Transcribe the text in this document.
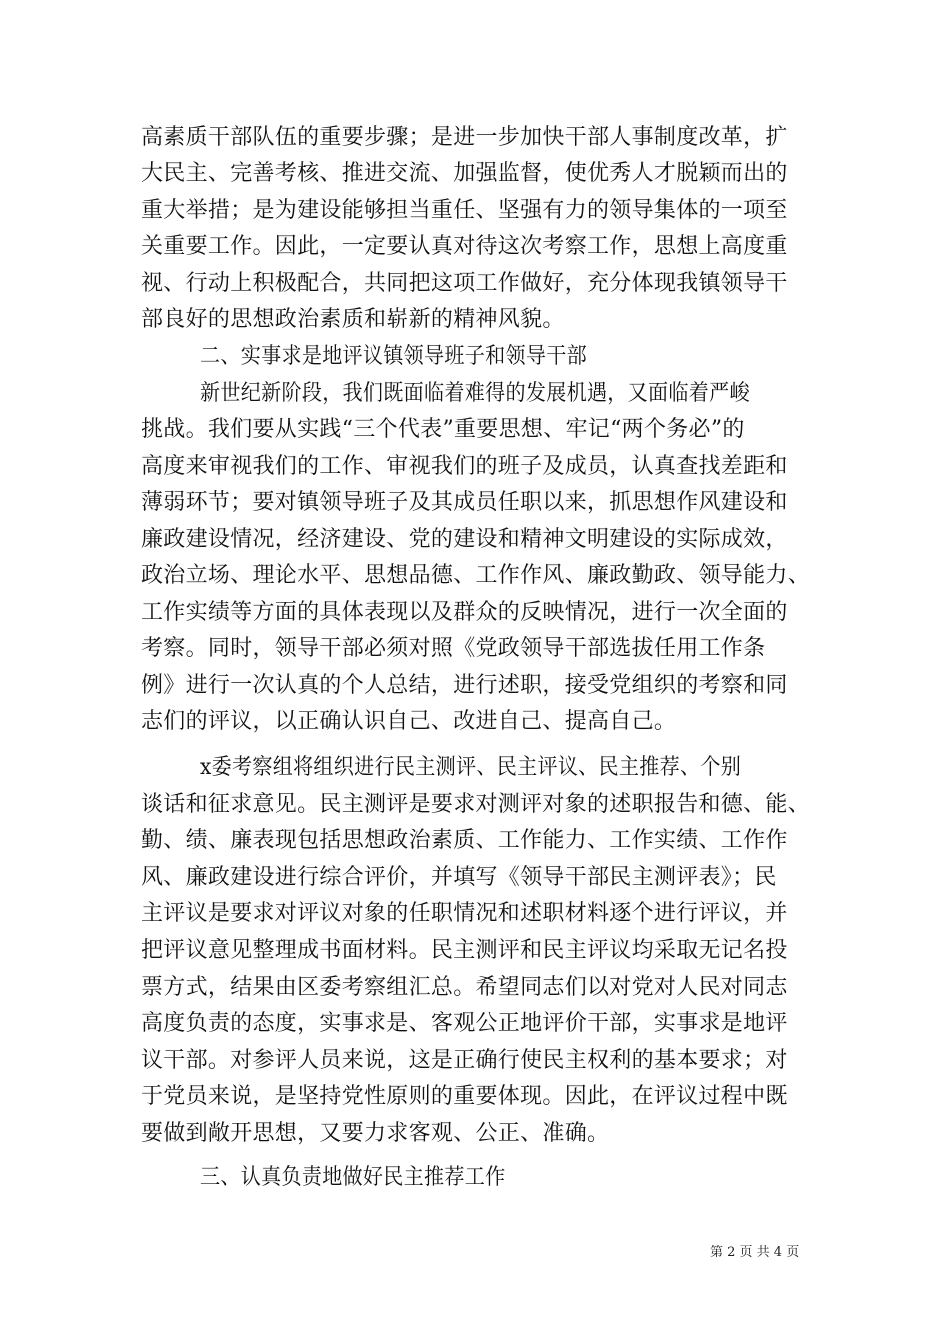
高素质干部队伍的重要步骤；是进一步加快干部人事制度改革，扩
大民主、完善考核、推进交流、加强监督，使优秀人才脱颖而出的
重大举措；是为建设能够担当重任、坚强有力的领导集体的一项至
关重要工作。因此，一定要认真对待这次考察工作，思想上高度重
视、行动上积极配合，共同把这项工作做好，充分体现我镇领导干
部良好的思想政治素质和崭新的精神风貌。
二、实事求是地评议镇领导班子和领导干部
新世纪新阶段，我们既面临着难得的发展机遇，又面临着严峻
挑战。我们要从实践“三个代表”重要思想、牢记“两个务必”的
高度来审视我们的工作、审视我们的班子及成员，认真查找差距和
薄弱环节；要对镇领导班子及其成员任职以来，抓思想作风建设和
廉政建设情况，经济建设、党的建设和精神文明建设的实际成效，
政治立场、理论水平、思想品德、工作作风、廉政勤政、领导能力、
工作实绩等方面的具体表现以及群众的反映情况，进行一次全面的
考察。同时，领导干部必须对照《党政领导干部选拔任用工作条
例》进行一次认真的个人总结，进行述职，接受党组织的考察和同
志们的评议，以正确认识自己、改进自己、提高自己。
x委考察组将组织进行民主测评、民主评议、民主推荐、个别
谈话和征求意见。民主测评是要求对测评对象的述职报告和德、能、
勤、绩、廉表现包括思想政治素质、工作能力、工作实绩、工作作
风、廉政建设进行综合评价，并填写《领导干部民主测评表》；民
主评议是要求对评议对象的任职情况和述职材料逐个进行评议，并
把评议意见整理成书面材料。民主测评和民主评议均采取无记名投
票方式，结果由区委考察组汇总。希望同志们以对党对人民对同志
高度负责的态度，实事求是、客观公正地评价干部，实事求是地评
议干部。对参评人员来说，这是正确行使民主权利的基本要求；对
于党员来说，是坚持党性原则的重要体现。因此，在评议过程中既
要做到敞开思想，又要力求客观、公正、准确。
三、认真负责地做好民主推荐工作
第 2 页 共 4 页
